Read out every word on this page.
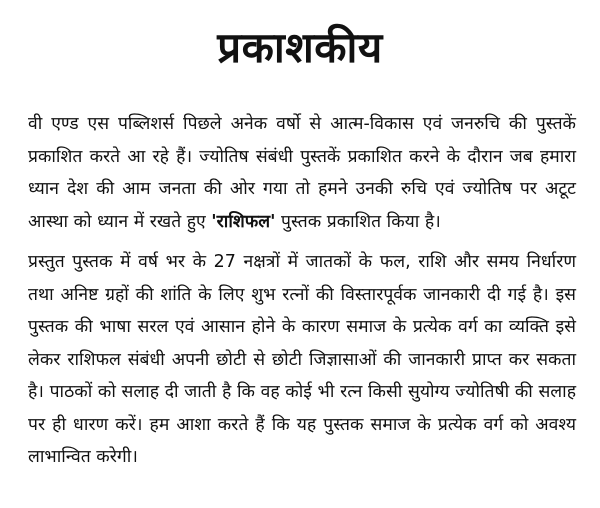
प्रकाशकीय

वी एण्ड एस पब्लिशर्स पिछले अनेक वर्षो से आत्म-विकास एवं जनरुचि की पुस्तकें प्रकाशित करते आ रहे हैं। ज्योतिष संबंधी पुस्तकें प्रकाशित करने के दौरान जब हमारा ध्यान देश की आम जनता की ओर गया तो हमने उनकी रुचि एवं ज्योतिष पर अटूट आस्था को ध्यान में रखते हुए 'राशिफल' पुस्तक प्रकाशित किया है।

प्रस्तुत पुस्तक में वर्ष भर के 27 नक्षत्रों में जातकों के फल, राशि और समय निर्धारण तथा अनिष्ट ग्रहों की शांति के लिए शुभ रत्नों की विस्तारपूर्वक जानकारी दी गई है। इस पुस्तक की भाषा सरल एवं आसान होने के कारण समाज के प्रत्येक वर्ग का व्यक्ति इसे लेकर राशिफल संबंधी अपनी छोटी से छोटी जिज्ञासाओं की जानकारी प्राप्त कर सकता है। पाठकों को सलाह दी जाती है कि वह कोई भी रत्न किसी सुयोग्य ज्योतिषी की सलाह पर ही धारण करें। हम आशा करते हैं कि यह पुस्तक समाज के प्रत्येक वर्ग को अवश्य लाभान्वित करेगी।
